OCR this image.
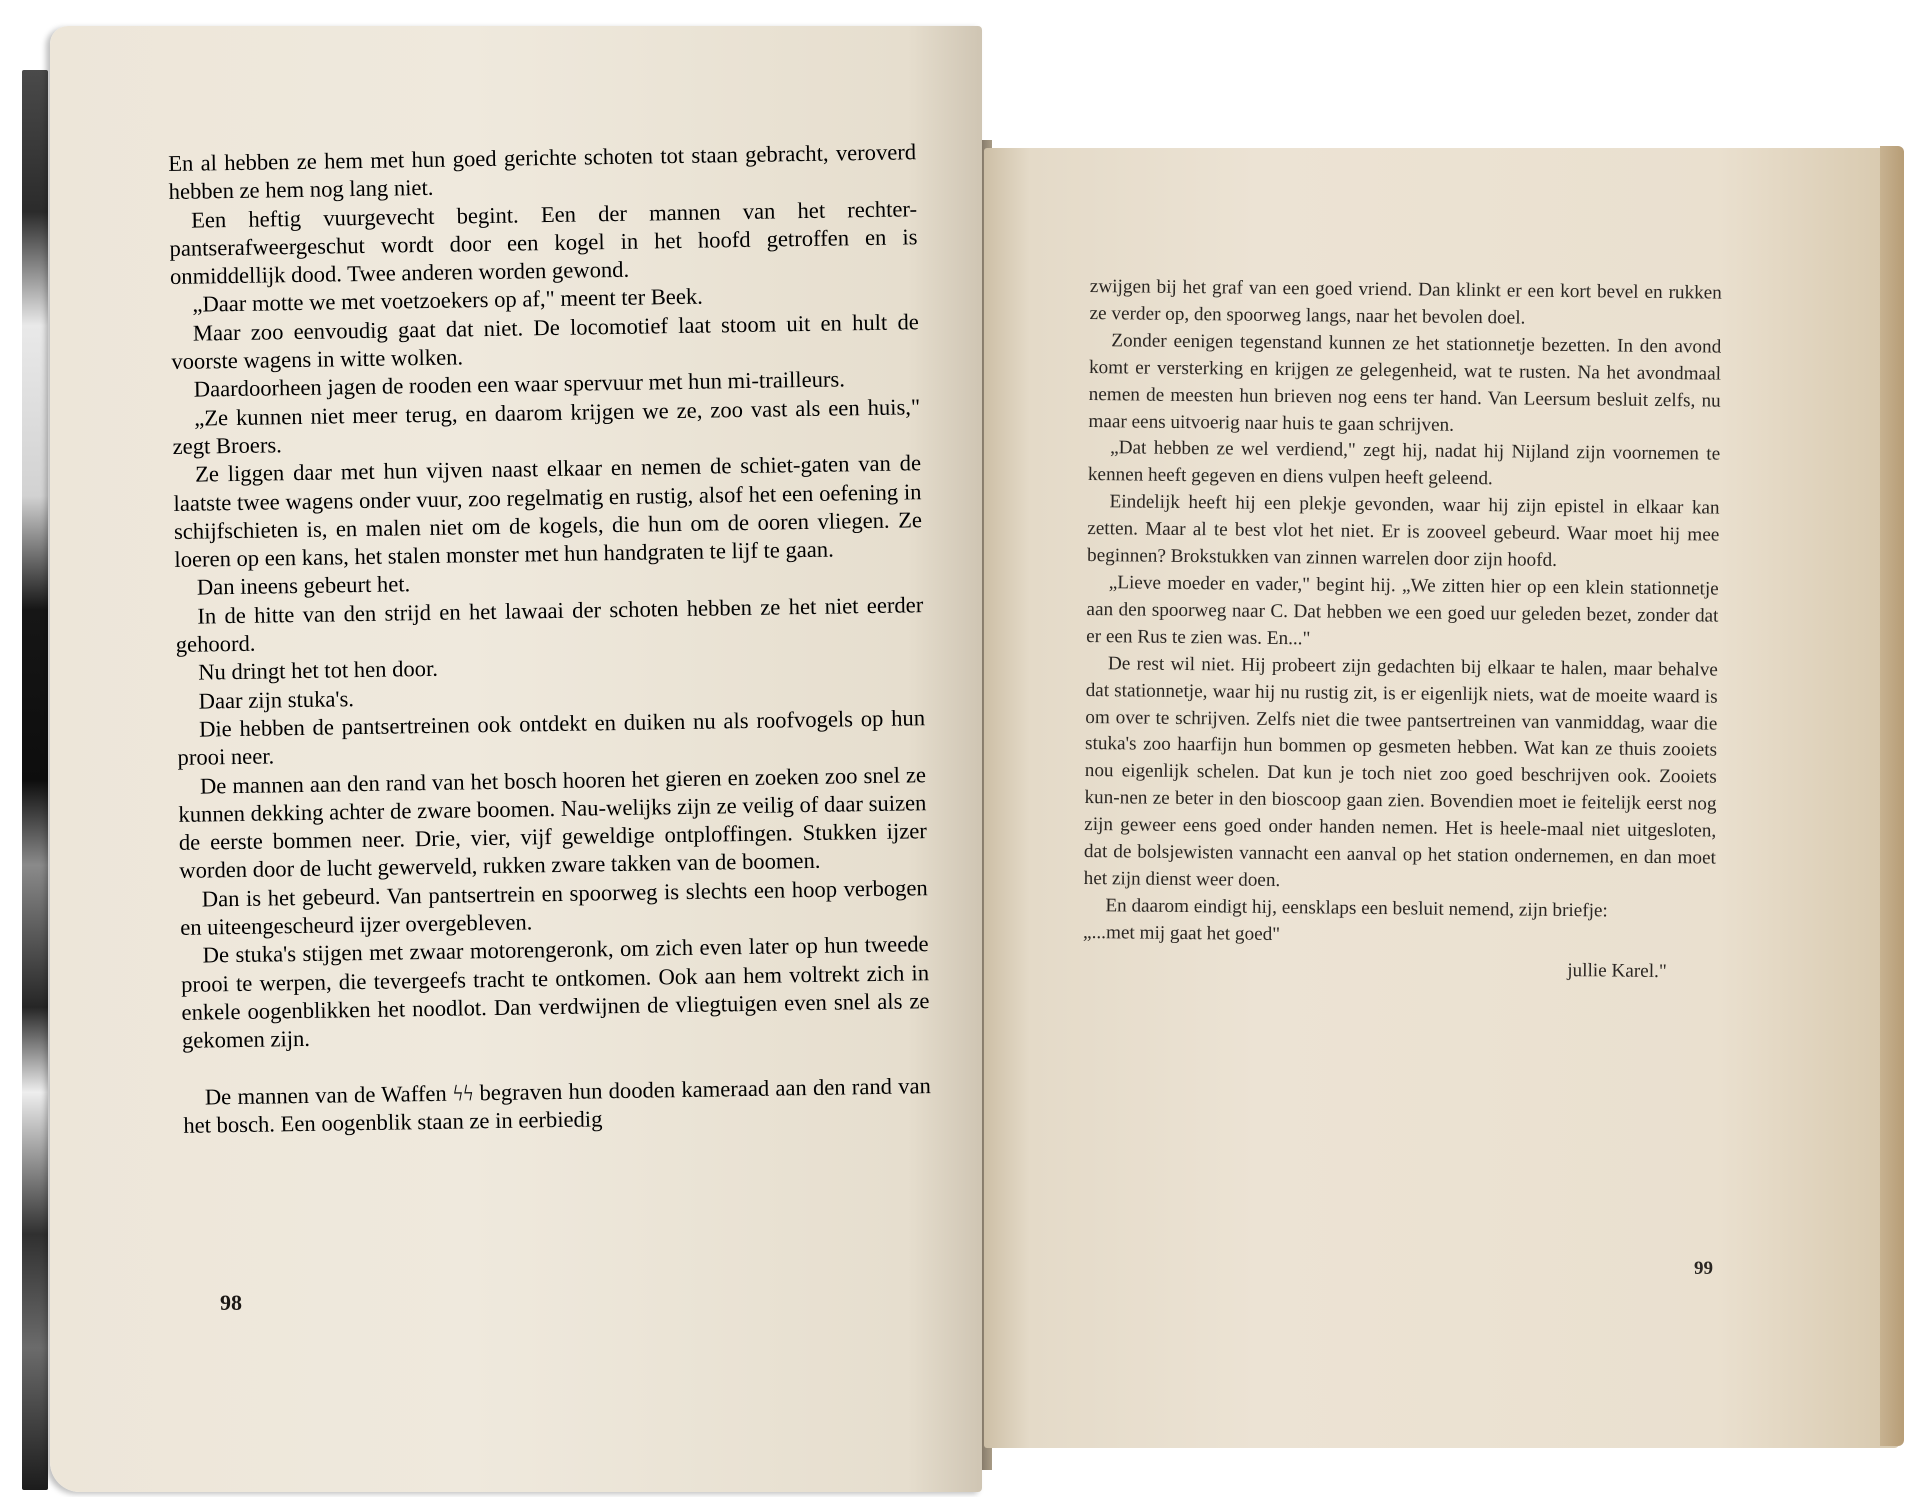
En al hebben ze hem met hun goed gerichte schoten tot staan gebracht, veroverd hebben ze hem nog lang niet.

Een heftig vuurgevecht begint. Een der mannen van het rechter-pantserafweergeschut wordt door een kogel in het hoofd getroffen en is onmiddellijk dood. Twee anderen worden gewond.

„Daar motte we met voetzoekers op af," meent ter Beek.

Maar zoo eenvoudig gaat dat niet. De locomotief laat stoom uit en hult de voorste wagens in witte wolken.

Daardoorheen jagen de rooden een waar spervuur met hun mi-trailleurs.

„Ze kunnen niet meer terug, en daarom krijgen we ze, zoo vast als een huis," zegt Broers.

Ze liggen daar met hun vijven naast elkaar en nemen de schiet-gaten van de laatste twee wagens onder vuur, zoo regelmatig en rustig, alsof het een oefening in schijfschieten is, en malen niet om de kogels, die hun om de ooren vliegen. Ze loeren op een kans, het stalen monster met hun handgraten te lijf te gaan.

Dan ineens gebeurt het.

In de hitte van den strijd en het lawaai der schoten hebben ze het niet eerder gehoord.

Nu dringt het tot hen door.

Daar zijn stuka's.

Die hebben de pantsertreinen ook ontdekt en duiken nu als roofvogels op hun prooi neer.

De mannen aan den rand van het bosch hooren het gieren en zoeken zoo snel ze kunnen dekking achter de zware boomen. Nau-welijks zijn ze veilig of daar suizen de eerste bommen neer. Drie, vier, vijf geweldige ontploffingen. Stukken ijzer worden door de lucht gewerveld, rukken zware takken van de boomen.

Dan is het gebeurd. Van pantsertrein en spoorweg is slechts een hoop verbogen en uiteengescheurd ijzer overgebleven.

De stuka's stijgen met zwaar motorengeronk, om zich even later op hun tweede prooi te werpen, die tevergeefs tracht te ontkomen. Ook aan hem voltrekt zich in enkele oogenblikken het noodlot. Dan verdwijnen de vliegtuigen even snel als ze gekomen zijn.

De mannen van de Waffen ϟϟ begraven hun dooden kameraad aan den rand van het bosch. Een oogenblik staan ze in eerbiedig

98

zwijgen bij het graf van een goed vriend. Dan klinkt er een kort bevel en rukken ze verder op, den spoorweg langs, naar het bevolen doel.

Zonder eenigen tegenstand kunnen ze het stationnetje bezetten. In den avond komt er versterking en krijgen ze gelegenheid, wat te rusten. Na het avondmaal nemen de meesten hun brieven nog eens ter hand. Van Leersum besluit zelfs, nu maar eens uitvoerig naar huis te gaan schrijven.

„Dat hebben ze wel verdiend," zegt hij, nadat hij Nijland zijn voornemen te kennen heeft gegeven en diens vulpen heeft geleend.

Eindelijk heeft hij een plekje gevonden, waar hij zijn epistel in elkaar kan zetten. Maar al te best vlot het niet. Er is zooveel gebeurd. Waar moet hij mee beginnen? Brokstukken van zinnen warrelen door zijn hoofd.

„Lieve moeder en vader," begint hij. „We zitten hier op een klein stationnetje aan den spoorweg naar C. Dat hebben we een goed uur geleden bezet, zonder dat er een Rus te zien was. En..."

De rest wil niet. Hij probeert zijn gedachten bij elkaar te halen, maar behalve dat stationnetje, waar hij nu rustig zit, is er eigenlijk niets, wat de moeite waard is om over te schrijven. Zelfs niet die twee pantsertreinen van vanmiddag, waar die stuka's zoo haarfijn hun bommen op gesmeten hebben. Wat kan ze thuis zooiets nou eigenlijk schelen. Dat kun je toch niet zoo goed beschrijven ook. Zooiets kun-nen ze beter in den bioscoop gaan zien. Bovendien moet ie feitelijk eerst nog zijn geweer eens goed onder handen nemen. Het is heele-maal niet uitgesloten, dat de bolsjewisten vannacht een aanval op het station ondernemen, en dan moet het zijn dienst weer doen.

En daarom eindigt hij, eensklaps een besluit nemend, zijn briefje:

„...met mij gaat het goed"

jullie Karel."

99
